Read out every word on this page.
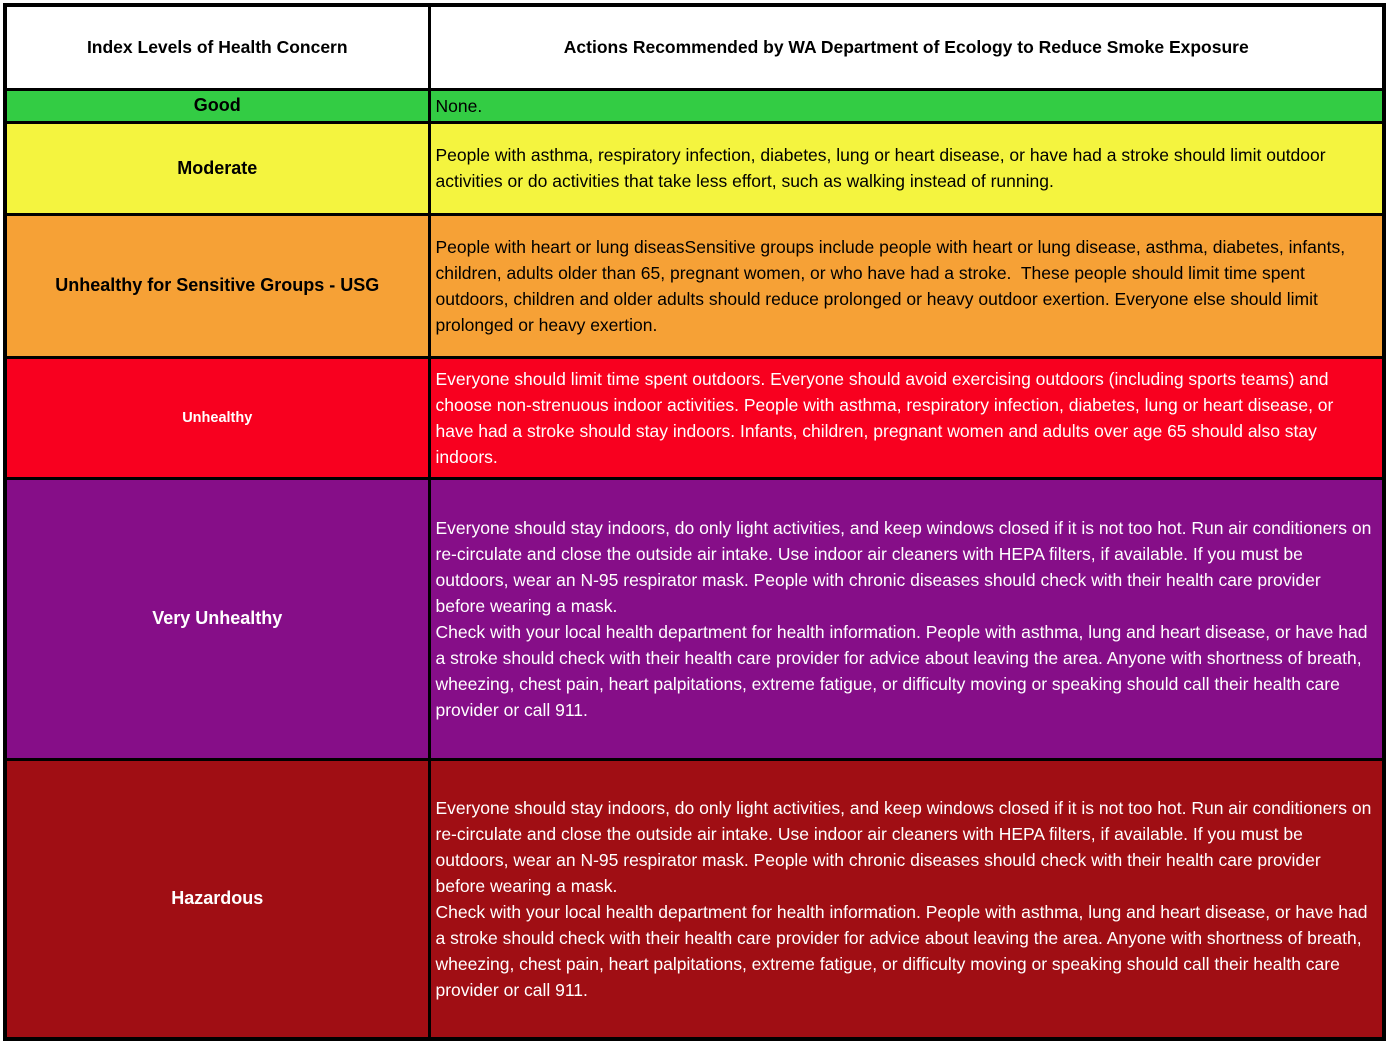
Index Levels of Health Concern	Actions Recommended by WA Department of Ecology to Reduce Smoke Exposure
Good	None.

Moderate	People with asthma, respiratory infection, diabetes, lung or heart disease, or have had a stroke should limit outdoor activities or do activities that take less effort, such as walking instead of running.

Unhealthy for Sensitive Groups - USG	People with heart or lung diseasSensitive groups include people with heart or lung disease, asthma, diabetes, infants, children, adults older than 65, pregnant women, or who have had a stroke.  These people should limit time spent outdoors, children and older adults should reduce prolonged or heavy outdoor exertion. Everyone else should limit prolonged or heavy exertion.

Unhealthy	Everyone should limit time spent outdoors. Everyone should avoid exercising outdoors (including sports teams) and choose non-strenuous indoor activities. People with asthma, respiratory infection, diabetes, lung or heart disease, or have had a stroke should stay indoors. Infants, children, pregnant women and adults over age 65 should also stay indoors.

Very Unhealthy	Everyone should stay indoors, do only light activities, and keep windows closed if it is not too hot. Run air conditioners on re-circulate and close the outside air intake. Use indoor air cleaners with HEPA filters, if available. If you must be outdoors, wear an N-95 respirator mask. People with chronic diseases should check with their health care provider before wearing a mask.
Check with your local health department for health information. People with asthma, lung and heart disease, or have had a stroke should check with their health care provider for advice about leaving the area. Anyone with shortness of breath, wheezing, chest pain, heart palpitations, extreme fatigue, or difficulty moving or speaking should call their health care provider or call 911.

Hazardous	Everyone should stay indoors, do only light activities, and keep windows closed if it is not too hot. Run air conditioners on re-circulate and close the outside air intake. Use indoor air cleaners with HEPA filters, if available. If you must be outdoors, wear an N-95 respirator mask. People with chronic diseases should check with their health care provider before wearing a mask.
Check with your local health department for health information. People with asthma, lung and heart disease, or have had a stroke should check with their health care provider for advice about leaving the area. Anyone with shortness of breath, wheezing, chest pain, heart palpitations, extreme fatigue, or difficulty moving or speaking should call their health care provider or call 911.
